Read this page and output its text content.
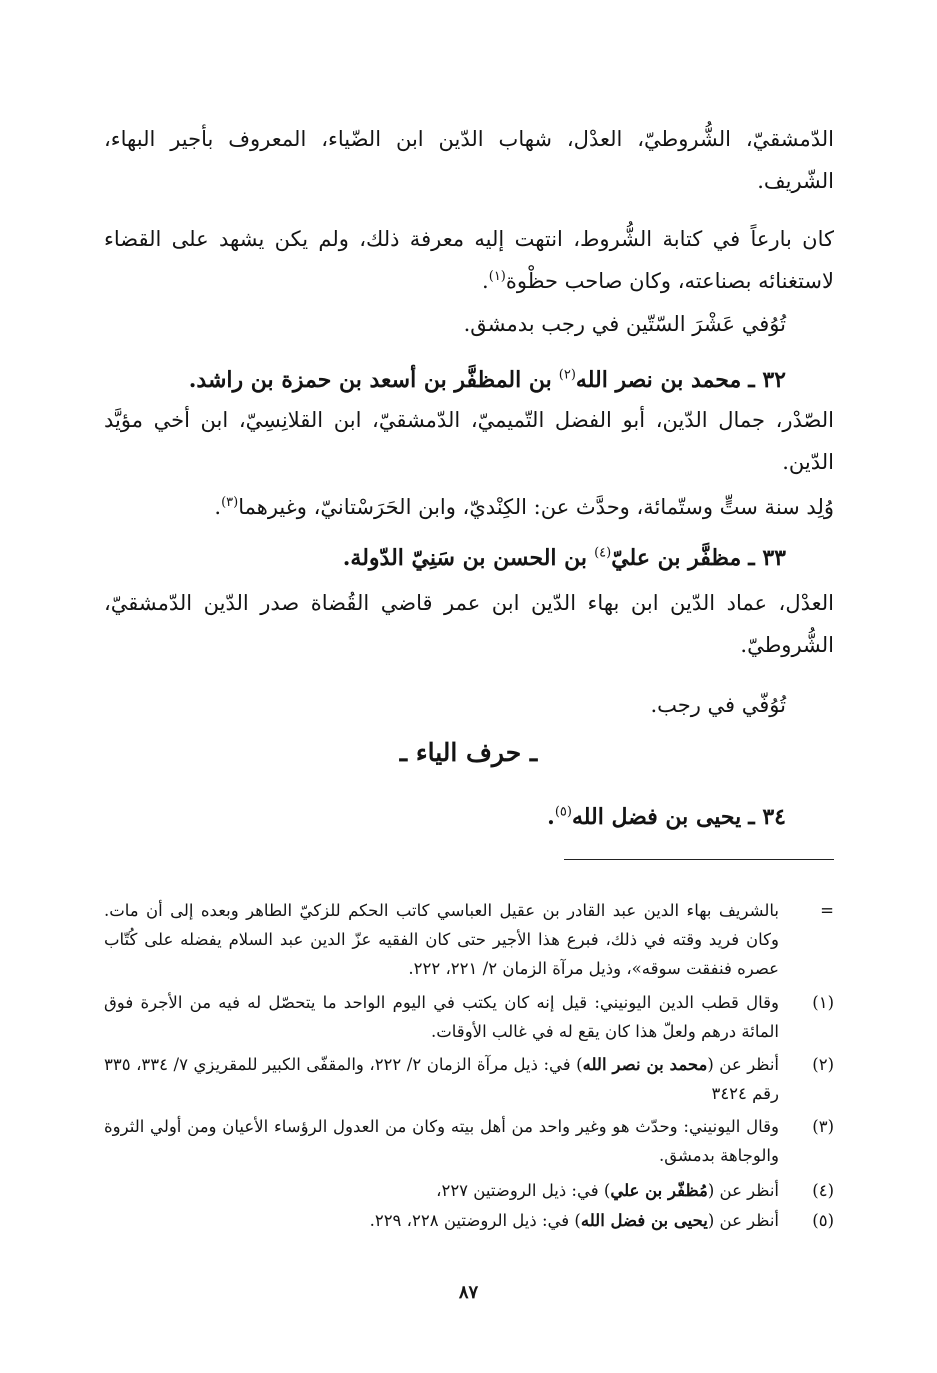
الدّمشقيّ، الشُّروطيّ، العدْل، شهاب الدّين ابن الضّياء، المعروف بأجير البهاء، الشّريف.
كان بارعاً في كتابة الشُّروط، انتهت إليه معرفة ذلك، ولم يكن يشهد على القضاء لاستغنائه بصناعته، وكان صاحب حظْوة$^{(١)}$.
تُوُفي عَشْرَ السّتّين في رجب بدمشق.
٣٢ ـ محمد بن نصر الله$^{(٢)}$ بن المظفَّر بن أسعد بن حمزة بن راشد.
الصّدْر، جمال الدّين، أبو الفضل التّميميّ، الدّمشقيّ، ابن القلانِسِيّ، ابن أخي مؤيَّد الدّين.
وُلِد سنة ستٍّ وستّمائة، وحدَّث عن: الكِنْديّ، وابن الحَرَسْتانيّ، وغيرهما$^{(٣)}$.
٣٣ ـ مظفَّر بن عليّ$^{(٤)}$ بن الحسن بن سَنِيّ الدّولة.
العدْل، عماد الدّين ابن بهاء الدّين ابن عمر قاضي القُضاة صدر الدّين الدّمشقيّ، الشُّروطيّ.
تُوُفّي في رجب.
ـ حرف الياء ـ
٣٤ ـ يحيى بن فضل الله$^{(٥)}$.
=
بالشريف بهاء الدين عبد القادر بن عقيل العباسي كاتب الحكم للزكيّ الطاهر وبعده إلى أن مات. وكان فريد وقته في ذلك، فبرع هذا الأجير حتى كان الفقيه عزّ الدين عبد السلام يفضله على كُتّاب عصره فنفقت سوقه»، وذيل مرآة الزمان ٢/ ٢٢١، ٢٢٢.
(١)
وقال قطب الدين اليونيني: قيل إنه كان يكتب في اليوم الواحد ما يتحصّل له فيه من الأجرة فوق المائة درهم ولعلّ هذا كان يقع له في غالب الأوقات.
(٢)
أنظر عن (محمد بن نصر الله) في: ذيل مرآة الزمان ٢/ ٢٢٢، والمقفّى الكبير للمقريزي ٧/ ٣٣٤، ٣٣٥ رقم ٣٤٢٤
(٣)
وقال اليونيني: وحدّث هو وغير واحد من أهل بيته وكان من العدول الرؤساء الأعيان ومن أولي الثروة والوجاهة بدمشق.
(٤)
أنظر عن (مُظفّر بن علي) في: ذيل الروضتين ٢٢٧،
(٥)
أنظر عن (يحيى بن فضل الله) في: ذيل الروضتين ٢٢٨، ٢٢٩.
٨٧
